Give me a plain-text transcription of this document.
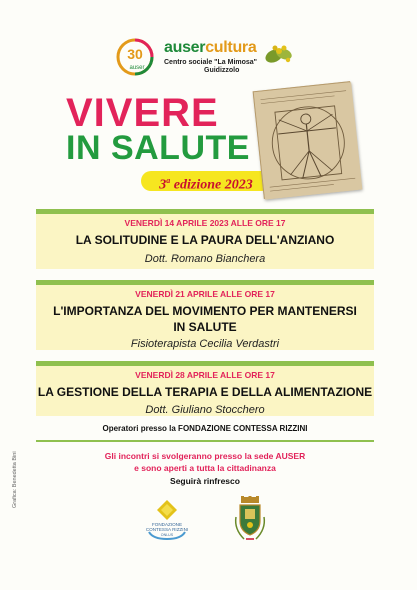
30
auser
ausercultura
Centro sociale "La Mimosa"
Guidizzolo
VIVERE
IN SALUTE
3$^a$ edizione 2023
VENERDÌ 14 APRILE 2023 ALLE ORE 17
LA SOLITUDINE E LA PAURA DELL'ANZIANO
Dott. Romano Bianchera
VENERDÌ 21 APRILE ALLE ORE 17
L'IMPORTANZA DEL MOVIMENTO PER MANTENERSI
IN SALUTE
Fisioterapista Cecilia Verdastri
VENERDÌ 28 APRILE ALLE ORE 17
LA GESTIONE DELLA TERAPIA E DELLA ALIMENTAZIONE
Dott. Giuliano Stocchero
Operatori presso la FONDAZIONE CONTESSA RIZZINI
Gli incontri si svolgeranno presso la sede AUSER
e sono aperti a tutta la cittadinanza
Seguirà rinfresco
Grafica: Benedetta Bini
FONDAZIONE
CONTESSA RIZZINI
ONLUS
